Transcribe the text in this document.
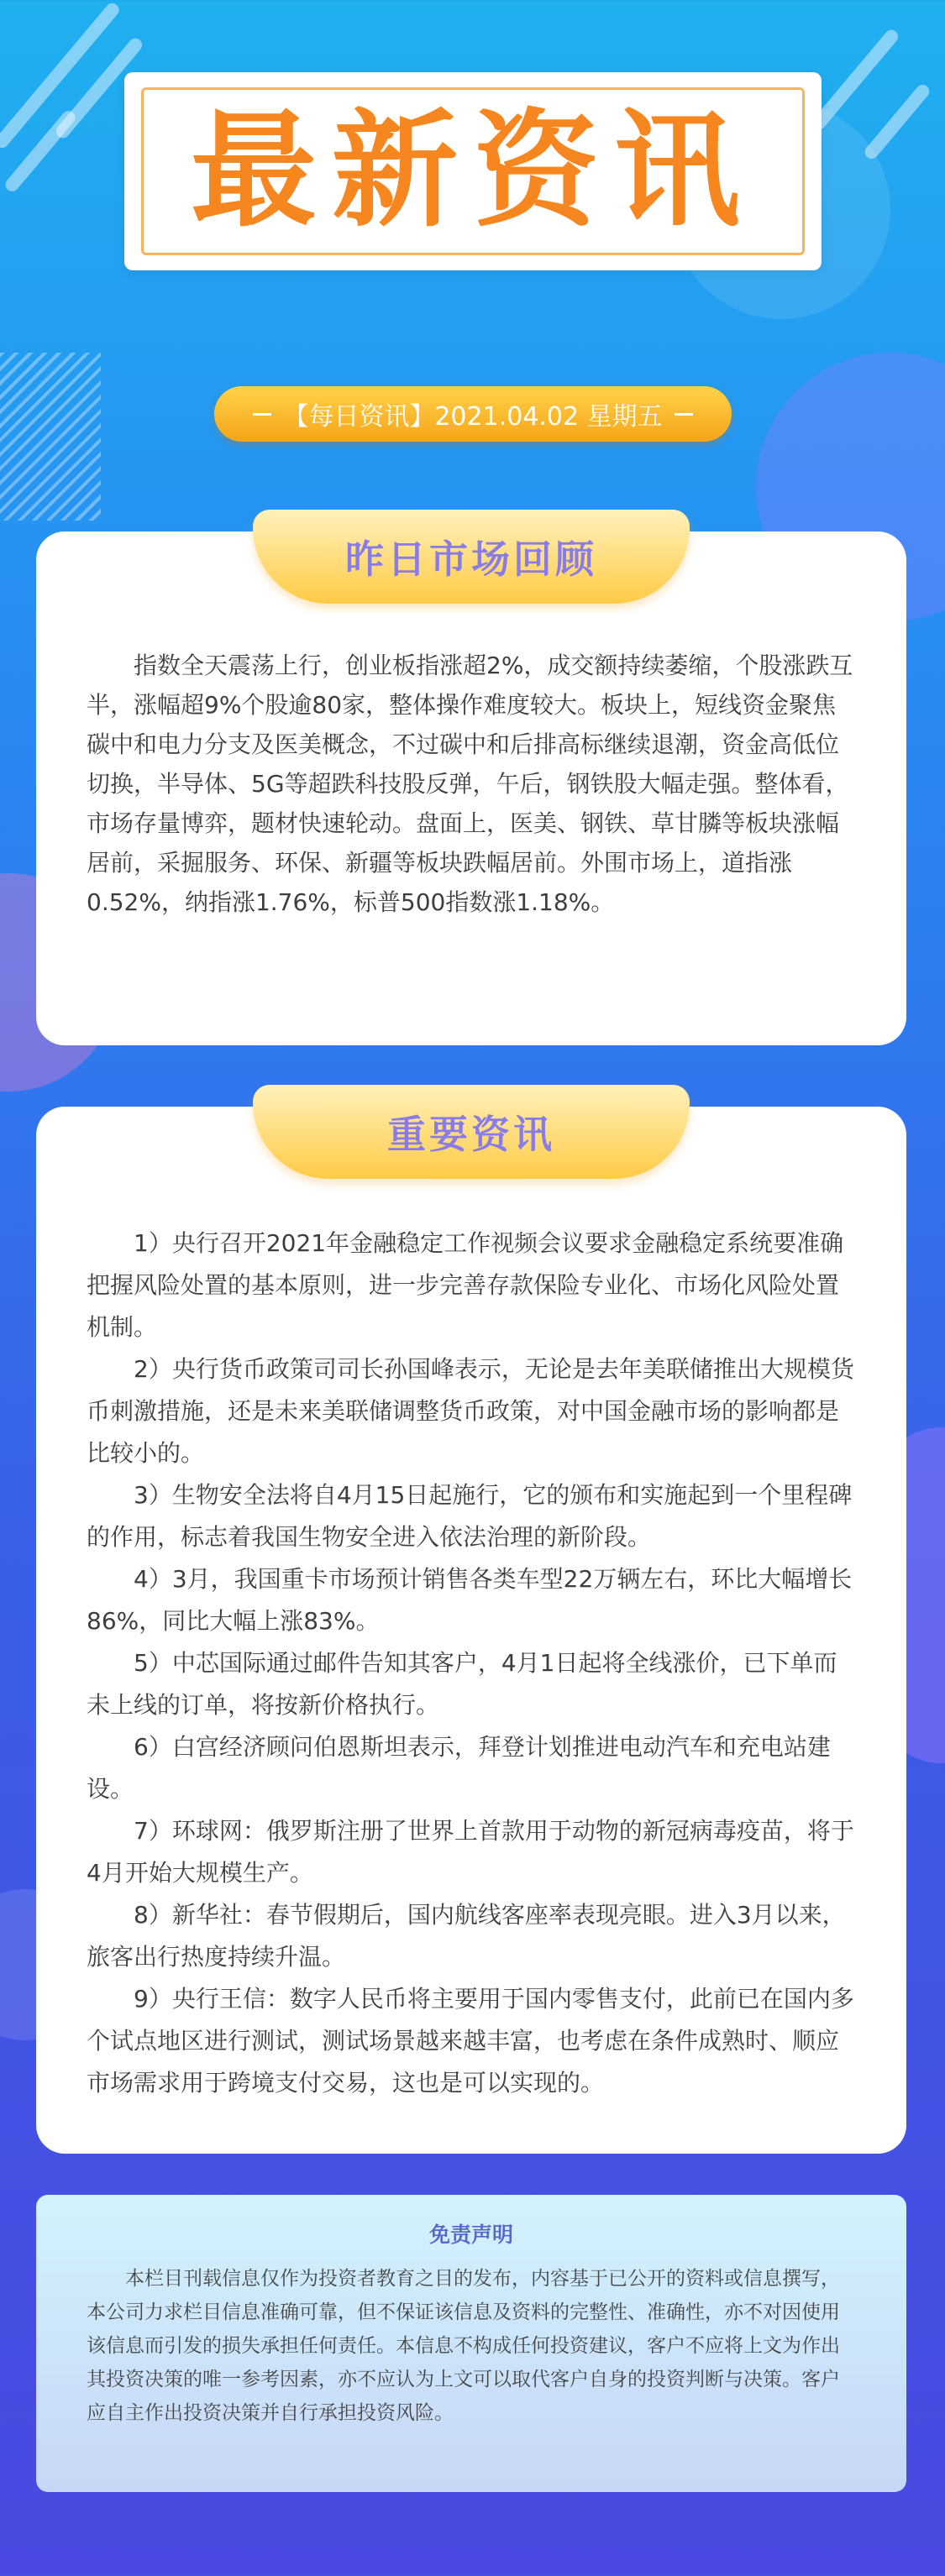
最新资讯
【每日资讯】2021.04.02 星期五
昨日市场回顾

指数全天震荡上行，创业板指涨超2%，成交额持续萎缩，个股涨跌互半，涨幅超9%个股逾80家，整体操作难度较大。板块上，短线资金聚焦碳中和电力分支及医美概念，不过碳中和后排高标继续退潮，资金高低位切换，半导体、5G等超跌科技股反弹，午后，钢铁股大幅走强。整体看，市场存量博弈，题材快速轮动。盘面上，医美、钢铁、草甘膦等板块涨幅居前，采掘服务、环保、新疆等板块跌幅居前。外围市场上，道指涨0.52%，纳指涨1.76%，标普500指数涨1.18%。

重要资讯

1）央行召开2021年金融稳定工作视频会议要求金融稳定系统要准确把握风险处置的基本原则，进一步完善存款保险专业化、市场化风险处置机制。

2）央行货币政策司司长孙国峰表示，无论是去年美联储推出大规模货币刺激措施，还是未来美联储调整货币政策，对中国金融市场的影响都是比较小的。

3）生物安全法将自4月15日起施行，它的颁布和实施起到一个里程碑的作用，标志着我国生物安全进入依法治理的新阶段。

4）3月，我国重卡市场预计销售各类车型22万辆左右，环比大幅增长86%，同比大幅上涨83%。

5）中芯国际通过邮件告知其客户，4月1日起将全线涨价，已下单而未上线的订单，将按新价格执行。

6）白宫经济顾问伯恩斯坦表示，拜登计划推进电动汽车和充电站建设。

7）环球网：俄罗斯注册了世界上首款用于动物的新冠病毒疫苗，将于4月开始大规模生产。

8）新华社：春节假期后，国内航线客座率表现亮眼。进入3月以来，旅客出行热度持续升温。

9）央行王信：数字人民币将主要用于国内零售支付，此前已在国内多个试点地区进行测试，测试场景越来越丰富，也考虑在条件成熟时、顺应市场需求用于跨境支付交易，这也是可以实现的。

免责声明

本栏目刊载信息仅作为投资者教育之目的发布，内容基于已公开的资料或信息撰写，本公司力求栏目信息准确可靠，但不保证该信息及资料的完整性、准确性，亦不对因使用该信息而引发的损失承担任何责任。本信息不构成任何投资建议，客户不应将上文为作出其投资决策的唯一参考因素，亦不应认为上文可以取代客户自身的投资判断与决策。客户应自主作出投资决策并自行承担投资风险。
